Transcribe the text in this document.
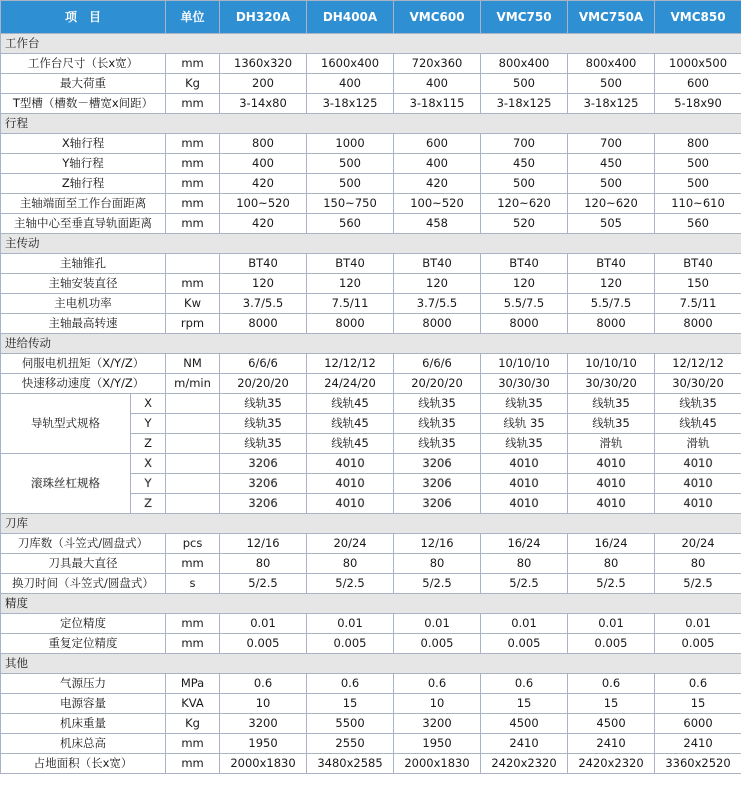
项　目		单位	DH320A	DH400A	VMC600	VMC750	VMC750A	VMC850
工作台								
工作台尺寸（长x宽）		mm	1360x320	1600x400	720x360	800x400	800x400	1000x500
最大荷重		Kg	200	400	400	500	500	600
T型槽（槽数－槽宽x间距）		mm	3-14x80	3-18x125	3-18x115	3-18x125	3-18x125	5-18x90
行程								
X轴行程		mm	800	1000	600	700	700	800
Y轴行程		mm	400	500	400	450	450	500
Z轴行程		mm	420	500	420	500	500	500
主轴端面至工作台面距离		mm	100~520	150~750	100~520	120~620	120~620	110~610
主轴中心至垂直导轨面距离		mm	420	560	458	520	505	560
主传动								
主轴锥孔			BT40	BT40	BT40	BT40	BT40	BT40
主轴安装直径		mm	120	120	120	120	120	150
主电机功率		Kw	3.7/5.5	7.5/11	3.7/5.5	5.5/7.5	5.5/7.5	7.5/11
主轴最高转速		rpm	8000	8000	8000	8000	8000	8000
进给传动								
伺服电机扭矩（X/Y/Z）		NM	6/6/6	12/12/12	6/6/6	10/10/10	10/10/10	12/12/12
快速移动速度（X/Y/Z）		m/min	20/20/20	24/24/20	20/20/20	30/30/30	30/30/20	30/30/20
导轨型式规格	X		线轨35	线轨45	线轨35	线轨35	线轨35	线轨35
	Y		线轨35	线轨45	线轨35	线轨 35	线轨35	线轨45
	Z		线轨35	线轨45	线轨35	线轨35	滑轨	滑轨
滚珠丝杠规格	X		3206	4010	3206	4010	4010	4010
	Y		3206	4010	3206	4010	4010	4010
	Z		3206	4010	3206	4010	4010	4010
刀库								
刀库数（斗笠式/圆盘式）		pcs	12/16	20/24	12/16	16/24	16/24	20/24
刀具最大直径		mm	80	80	80	80	80	80
换刀时间（斗笠式/圆盘式）		s	5/2.5	5/2.5	5/2.5	5/2.5	5/2.5	5/2.5
精度								
定位精度		mm	0.01	0.01	0.01	0.01	0.01	0.01
重复定位精度		mm	0.005	0.005	0.005	0.005	0.005	0.005
其他								
气源压力		MPa	0.6	0.6	0.6	0.6	0.6	0.6
电源容量		KVA	10	15	10	15	15	15
机床重量		Kg	3200	5500	3200	4500	4500	6000
机床总高		mm	1950	2550	1950	2410	2410	2410
占地面积（长x宽）		mm	2000x1830	3480x2585	2000x1830	2420x2320	2420x2320	3360x2520
